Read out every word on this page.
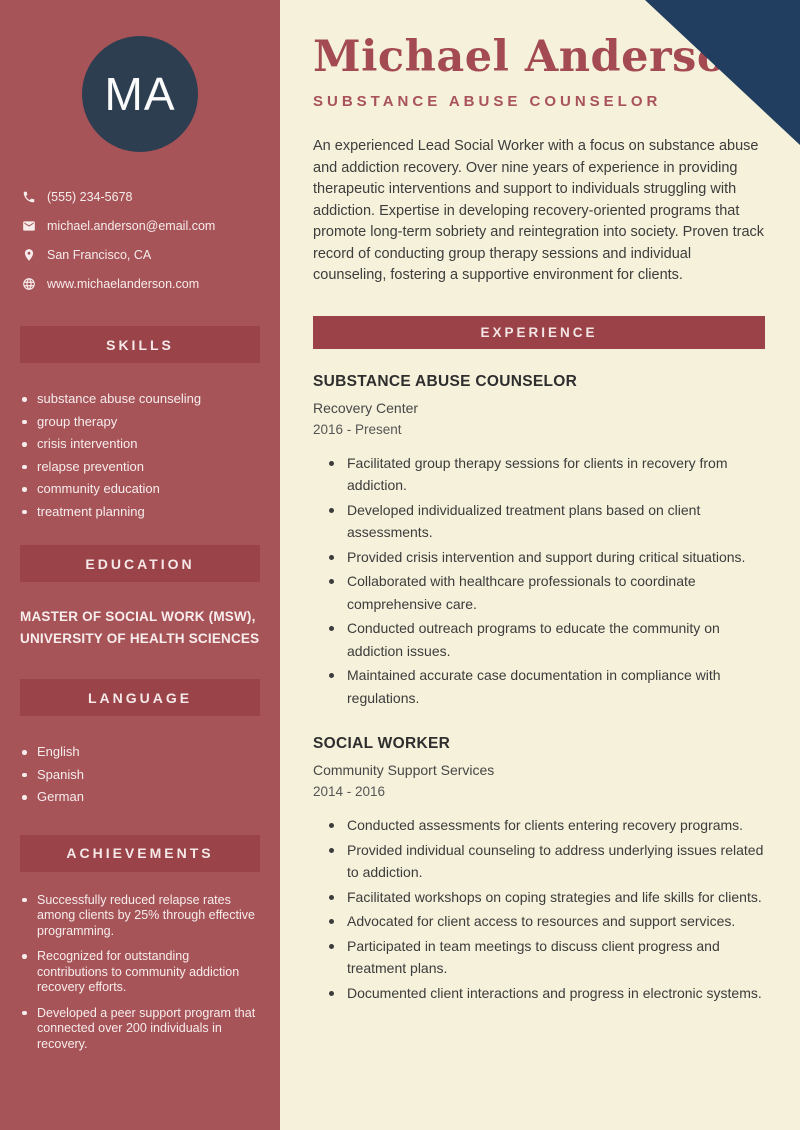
MA
(555) 234-5678
michael.anderson@email.com
San Francisco, CA
www.michaelanderson.com
SKILLS
substance abuse counseling
group therapy
crisis intervention
relapse prevention
community education
treatment planning
EDUCATION
MASTER OF SOCIAL WORK (MSW), UNIVERSITY OF HEALTH SCIENCES
LANGUAGE
English
Spanish
German
ACHIEVEMENTS
Successfully reduced relapse rates among clients by 25% through effective programming.
Recognized for outstanding contributions to community addiction recovery efforts.
Developed a peer support program that connected over 200 individuals in recovery.
Michael Anderson
SUBSTANCE ABUSE COUNSELOR

An experienced Lead Social Worker with a focus on substance abuse and addiction recovery. Over nine years of experience in providing therapeutic interventions and support to individuals struggling with addiction. Expertise in developing recovery-oriented programs that promote long-term sobriety and reintegration into society. Proven track record of conducting group therapy sessions and individual counseling, fostering a supportive environment for clients.

EXPERIENCE
SUBSTANCE ABUSE COUNSELOR
Recovery Center
2016 - Present
Facilitated group therapy sessions for clients in recovery from addiction.
Developed individualized treatment plans based on client assessments.
Provided crisis intervention and support during critical situations.
Collaborated with healthcare professionals to coordinate comprehensive care.
Conducted outreach programs to educate the community on addiction issues.
Maintained accurate case documentation in compliance with regulations.
SOCIAL WORKER
Community Support Services
2014 - 2016
Conducted assessments for clients entering recovery programs.
Provided individual counseling to address underlying issues related to addiction.
Facilitated workshops on coping strategies and life skills for clients.
Advocated for client access to resources and support services.
Participated in team meetings to discuss client progress and treatment plans.
Documented client interactions and progress in electronic systems.
